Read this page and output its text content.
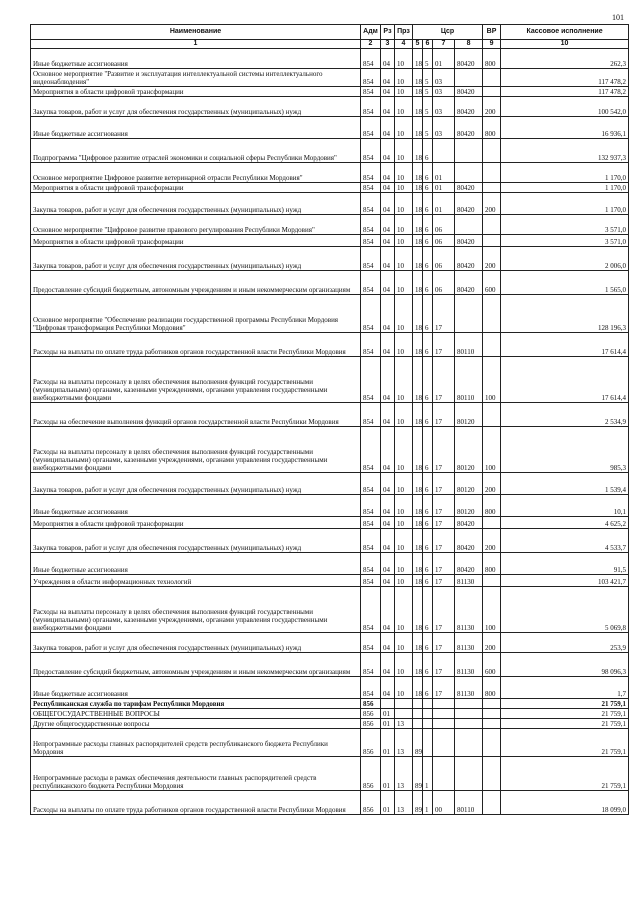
101
Наименование	Адм	Рз	Прз	Цср				ВР	Кассовое исполнение
1	2	3	4	5	6	7	8	9	10
Иные бюджетные ассигнования	854	04	10	18	5	01	80420	800	262,3
Основное мероприятие "Развитие и эксплуатация интеллектуальной системы интеллектуального видеонаблюдения"	854	04	10	18	5	03			117 478,2
Мероприятия в области цифровой трансформации	854	04	10	18	5	03	80420		117 478,2
Закупка товаров, работ и услуг для обеспечения государственных (муниципальных) нужд	854	04	10	18	5	03	80420	200	100 542,0
Иные бюджетные ассигнования	854	04	10	18	5	03	80420	800	16 936,1
Подпрограмма "Цифровое развитие отраслей экономики и социальной сферы Республики Мордовия"	854	04	10	18	6				132 937,3
Основное мероприятие Цифровое развитие ветеринарной отрасли Республики Мордовия"	854	04	10	18	6	01			1 170,0
Мероприятия в области цифровой трансформации	854	04	10	18	6	01	80420		1 170,0
Закупка товаров, работ и услуг для обеспечения государственных (муниципальных) нужд	854	04	10	18	6	01	80420	200	1 170,0
Основное мероприятие "Цифровое развитие правового регулирования Республики Мордовия"	854	04	10	18	6	06			3 571,0
Мероприятия в области цифровой трансформации	854	04	10	18	6	06	80420		3 571,0
Закупка товаров, работ и услуг для обеспечения государственных (муниципальных) нужд	854	04	10	18	6	06	80420	200	2 006,0
Предоставление субсидий бюджетным, автономным учреждениям и иным некоммерческим организациям	854	04	10	18	6	06	80420	600	1 565,0
Основное мероприятие "Обеспечение реализации государственной программы Республики Мордовия "Цифровая трансформация Республики Мордовия"	854	04	10	18	6	17			128 196,3
Расходы на выплаты по оплате труда работников органов государственной власти Республики Мордовия	854	04	10	18	6	17	80110		17 614,4
Расходы на выплаты персоналу в целях обеспечения выполнения функций государственными (муниципальными) органами, казенными учреждениями, органами управления государственными внебюджетными фондами	854	04	10	18	6	17	80110	100	17 614,4
Расходы на обеспечение выполнения функций органов государственной власти Республики Мордовия	854	04	10	18	6	17	80120		2 534,9
Расходы на выплаты персоналу в целях обеспечения выполнения функций государственными (муниципальными) органами, казенными учреждениями, органами управления государственными внебюджетными фондами	854	04	10	18	6	17	80120	100	985,3
Закупка товаров, работ и услуг для обеспечения государственных (муниципальных) нужд	854	04	10	18	6	17	80120	200	1 539,4
Иные бюджетные ассигнования	854	04	10	18	6	17	80120	800	10,1
Мероприятия в области цифровой трансформации	854	04	10	18	6	17	80420		4 625,2
Закупка товаров, работ и услуг для обеспечения государственных (муниципальных) нужд	854	04	10	18	6	17	80420	200	4 533,7
Иные бюджетные ассигнования	854	04	10	18	6	17	80420	800	91,5
Учреждения в области информационных технологий	854	04	10	18	6	17	81130		103 421,7
Расходы на выплаты персоналу в целях обеспечения выполнения функций государственными (муниципальными) органами, казенными учреждениями, органами управления государственными внебюджетными фондами	854	04	10	18	6	17	81130	100	5 069,8
Закупка товаров, работ и услуг для обеспечения государственных (муниципальных) нужд	854	04	10	18	6	17	81130	200	253,9
Предоставление субсидий бюджетным, автономным учреждениям и иным некоммерческим организациям	854	04	10	18	6	17	81130	600	98 096,3
Иные бюджетные ассигнования	854	04	10	18	6	17	81130	800	1,7
Республиканская служба по тарифам Республики Мордовия	856								21 759,1
ОБЩЕГОСУДАРСТВЕННЫЕ ВОПРОСЫ	856	01							21 759,1
Другие общегосударственные вопросы	856	01	13						21 759,1
Непрограммные расходы главных распорядителей средств республиканского бюджета Республики Мордовия	856	01	13	89					21 759,1
Непрограммные расходы в рамках обеспечения деятельности главных распорядителей средств республиканского бюджета Республики Мордовия	856	01	13	89	1				21 759,1
Расходы на выплаты по оплате труда работников органов государственной власти Республики Мордовия	856	01	13	89	1	00	80110		18 099,0
